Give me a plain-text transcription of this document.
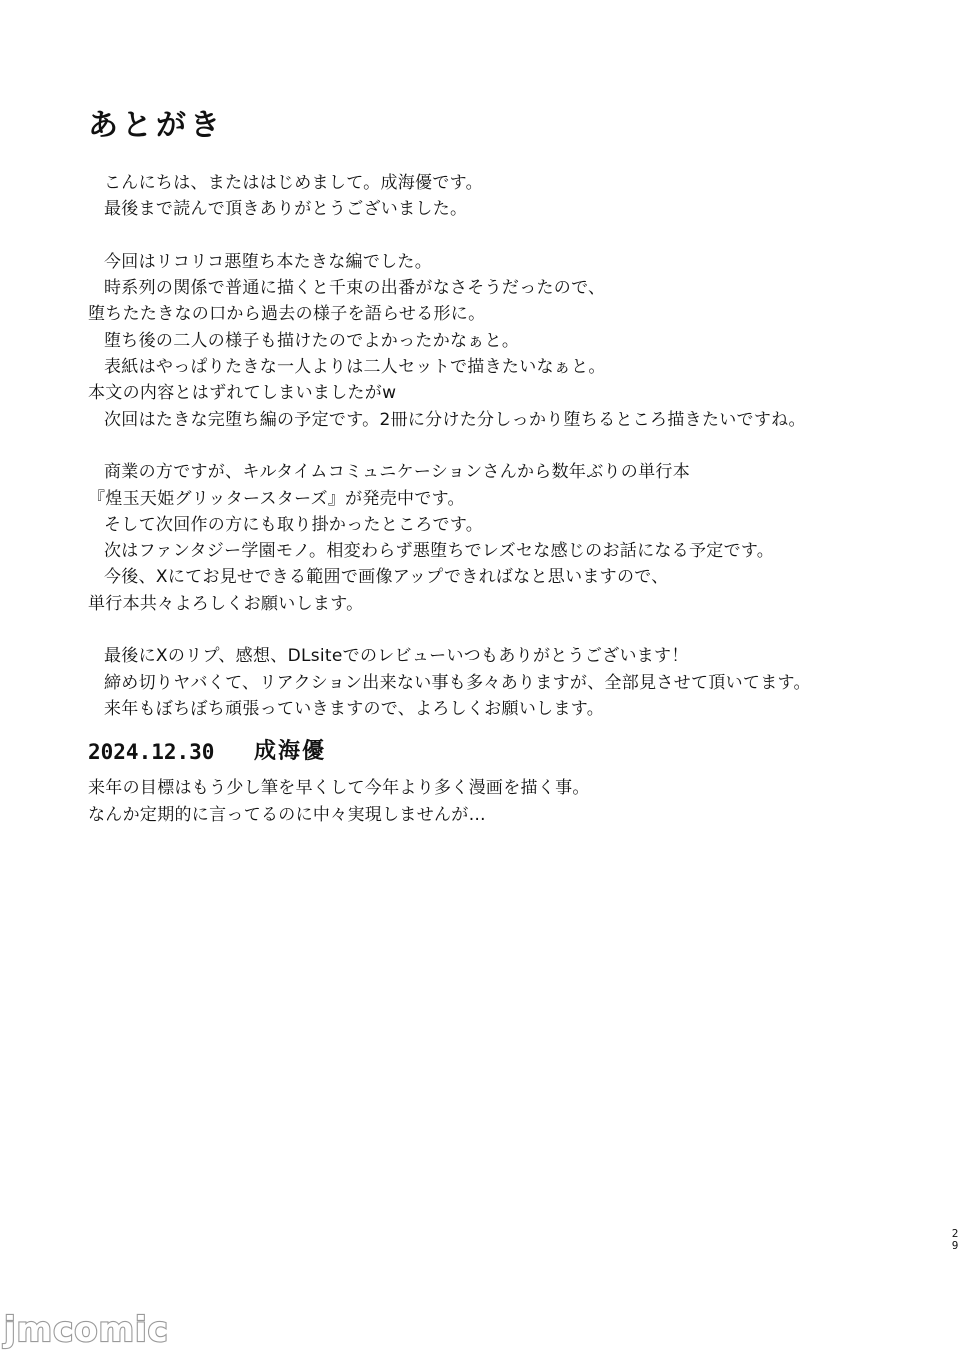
あとがき
こんにちは、またははじめまして。成海優です。
最後まで読んで頂きありがとうございました。
今回はリコリコ悪堕ち本たきな編でした。
時系列の関係で普通に描くと千束の出番がなさそうだったので、
堕ちたたきなの口から過去の様子を語らせる形に。
堕ち後の二人の様子も描けたのでよかったかなぁと。
表紙はやっぱりたきな一人よりは二人セットで描きたいなぁと。
本文の内容とはずれてしまいましたがw
次回はたきな完堕ち編の予定です。2冊に分けた分しっかり堕ちるところ描きたいですね。
商業の方ですが、キルタイムコミュニケーションさんから数年ぶりの単行本
『煌玉天姫グリッタースターズ』が発売中です。
そして次回作の方にも取り掛かったところです。
次はファンタジー学園モノ。相変わらず悪堕ちでレズセな感じのお話になる予定です。
今後、Xにてお見せできる範囲で画像アップできればなと思いますので、
単行本共々よろしくお願いします。
最後にXのリプ、感想、DLsiteでのレビューいつもありがとうございます！
締め切りヤバくて、リアクション出来ない事も多々ありますが、全部見させて頂いてます。
来年もぼちぼち頑張っていきますので、よろしくお願いします。
2024.12.30 成海優
来年の目標はもう少し筆を早くして今年より多く漫画を描く事。
なんか定期的に言ってるのに中々実現しませんが…
29
jmcomic
